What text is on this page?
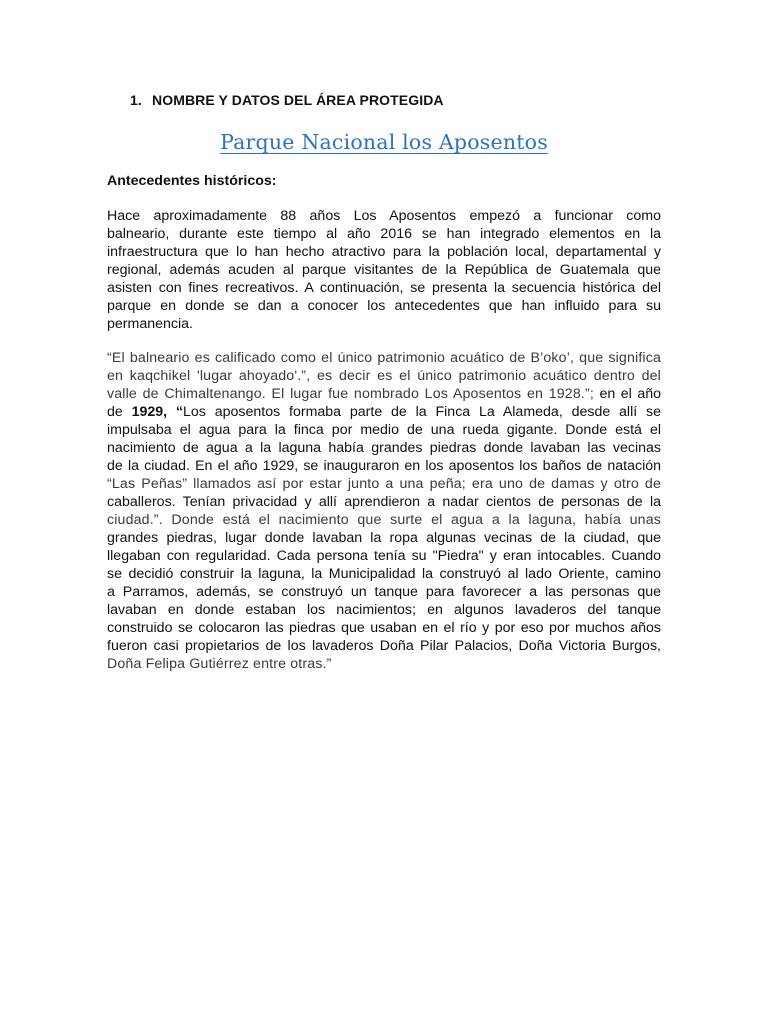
1. NOMBRE Y DATOS DEL ÁREA PROTEGIDA
Parque Nacional los Aposentos
Antecedentes históricos:
Hace aproximadamente 88 años Los Aposentos empezó a funcionar como
balneario, durante este tiempo al año 2016 se han integrado elementos en la
infraestructura que lo han hecho atractivo para la población local, departamental y
regional, además acuden al parque visitantes de la República de Guatemala que
asisten con fines recreativos. A continuación, se presenta la secuencia histórica del
parque en donde se dan a conocer los antecedentes que han influido para su
permanencia.
“El balneario es calificado como el único patrimonio acuático de B’oko’, que significa
en kaqchikel 'lugar ahoyado'.”, es decir es el único patrimonio acuático dentro del
valle de Chimaltenango. El lugar fue nombrado Los Aposentos en 1928.”; en el año
de 1929, “Los aposentos formaba parte de la Finca La Alameda, desde allí se
impulsaba el agua para la finca por medio de una rueda gigante. Donde está el
nacimiento de agua a la laguna había grandes piedras donde lavaban las vecinas
de la ciudad. En el año 1929, se inauguraron en los aposentos los baños de natación
“Las Peñas” llamados así por estar junto a una peña; era uno de damas y otro de
caballeros. Tenían privacidad y allí aprendieron a nadar cientos de personas de la
ciudad.”. Donde está el nacimiento que surte el agua a la laguna, había unas
grandes piedras, lugar donde lavaban la ropa algunas vecinas de la ciudad, que
llegaban con regularidad. Cada persona tenía su "Piedra" y eran intocables. Cuando
se decidió construir la laguna, la Municipalidad la construyó al lado Oriente, camino
a Parramos, además, se construyó un tanque para favorecer a las personas que
lavaban en donde estaban los nacimientos; en algunos lavaderos del tanque
construido se colocaron las piedras que usaban en el río y por eso por muchos años
fueron casi propietarios de los lavaderos Doña Pilar Palacios, Doña Victoria Burgos,
Doña Felipa Gutiérrez entre otras.”
